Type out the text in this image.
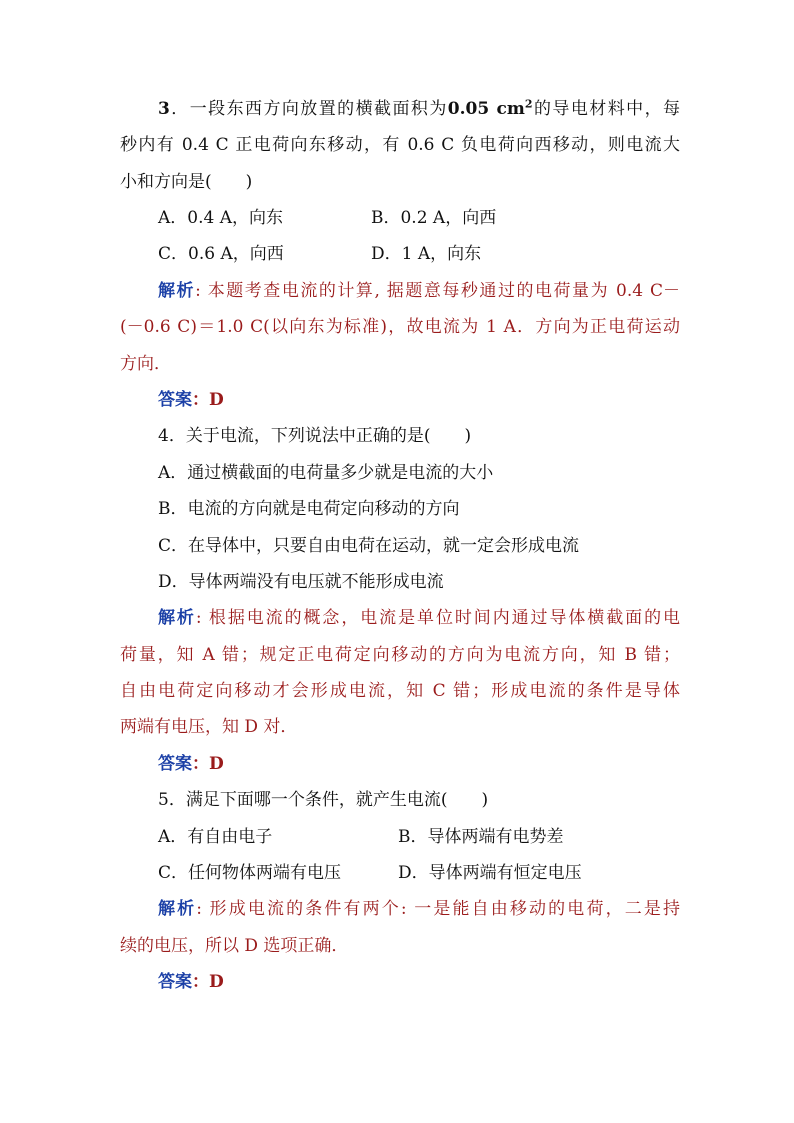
3．一段东西方向放置的横截面积为0.05 $cm^2$的导电材料中，每
秒内有 0.4 C 正电荷向东移动，有 0.6 C 负电荷向西移动，则电流大
小和方向是(　　)
A．0.4 A，向东	B．0.2 A，向西
C．0.6 A，向西	D．1 A，向东
解析: 本题考查电流的计算, 据题意每秒通过的电荷量为 0.4 C－
(－0.6 C)＝1.0 C(以向东为标准)，故电流为 1 A．方向为正电荷运动
方向．
答案：D
4．关于电流，下列说法中正确的是(　　)
A．通过横截面的电荷量多少就是电流的大小
B．电流的方向就是电荷定向移动的方向
C．在导体中，只要自由电荷在运动，就一定会形成电流
D．导体两端没有电压就不能形成电流
解析: 根据电流的概念，电流是单位时间内通过导体横截面的电
荷量，知 A 错；规定正电荷定向移动的方向为电流方向，知 B 错；
自由电荷定向移动才会形成电流，知 C 错；形成电流的条件是导体
两端有电压，知 D 对．
答案：D
5．满足下面哪一个条件，就产生电流(　　)
A．有自由电子	B．导体两端有电势差
C．任何物体两端有电压	D．导体两端有恒定电压
解析: 形成电流的条件有两个: 一是能自由移动的电荷，二是持
续的电压，所以 D 选项正确．
答案：D
